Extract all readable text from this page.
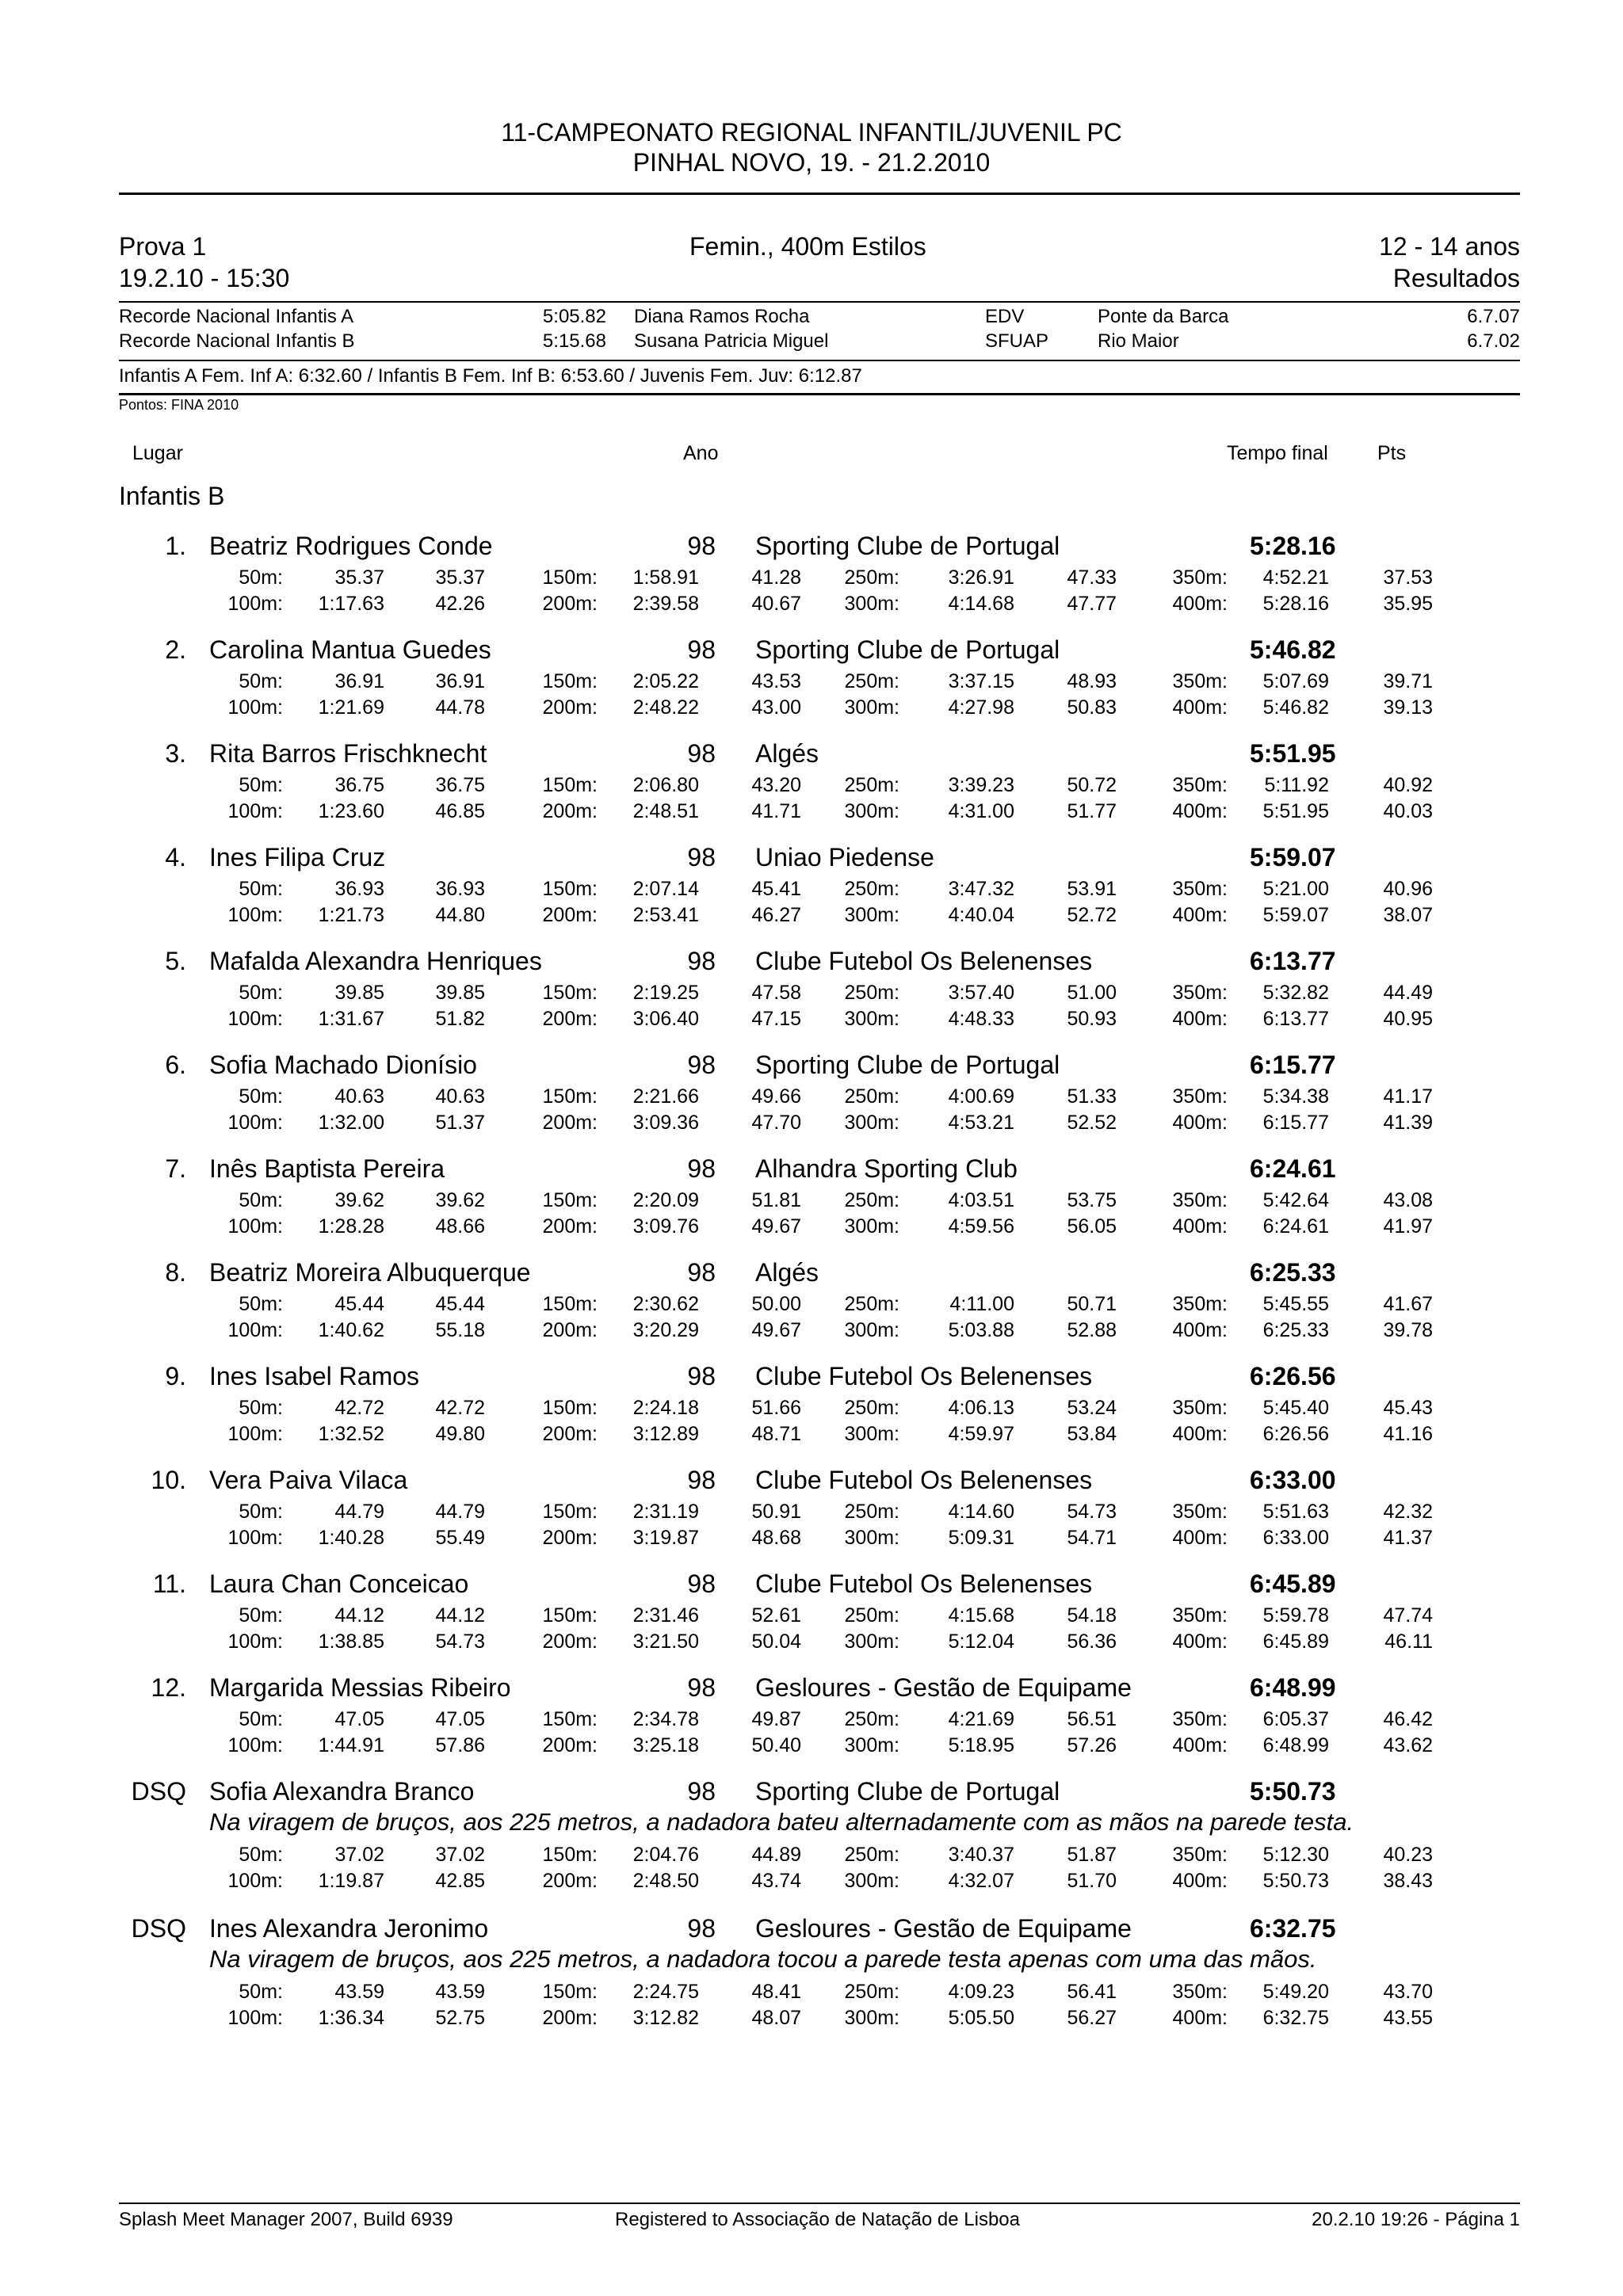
11-CAMPEONATO REGIONAL INFANTIL/JUVENIL PC
PINHAL NOVO, 19. - 21.2.2010
Prova 1
19.2.10 - 15:30
Femin., 400m Estilos	12 - 14 anos
Resultados
Recorde Nacional Infantis A	5:05.82 Diana Ramos Rocha	EDV	Ponte da Barca	6.7.07
Recorde Nacional Infantis B	5:15.68 Susana Patricia Miguel	SFUAP	Rio Maior	6.7.02
Infantis A Fem. Inf A: 6:32.60 / Infantis B Fem. Inf B: 6:53.60 / Juvenis Fem. Juv: 6:12.87
Pontos: FINA 2010
Lugar	Ano	Tempo final Pts
Infantis B
1. Beatriz Rodrigues Conde	98 Sporting Clube de Portugal	5:28.16
50m:	35.37	35.37	150m: 1:58.91	41.28 250m: 3:26.91	47.33	350m: 4:52.21	37.53
100m: 1:17.63	42.26	200m: 2:39.58	40.67 300m: 4:14.68	47.77	400m: 5:28.16	35.95
2. Carolina Mantua Guedes	98 Sporting Clube de Portugal	5:46.82
50m:	36.91	36.91	150m: 2:05.22	43.53 250m: 3:37.15	48.93	350m: 5:07.69	39.71
100m: 1:21.69	44.78	200m: 2:48.22	43.00 300m: 4:27.98	50.83	400m: 5:46.82	39.13
3. Rita Barros Frischknecht	98 Algés	5:51.95
50m:	36.75	36.75	150m: 2:06.80	43.20 250m: 3:39.23	50.72	350m: 5:11.92	40.92
100m: 1:23.60	46.85	200m: 2:48.51	41.71 300m: 4:31.00	51.77	400m: 5:51.95	40.03
4. Ines Filipa Cruz	98 Uniao Piedense	5:59.07
50m:	36.93	36.93	150m: 2:07.14	45.41 250m: 3:47.32	53.91	350m: 5:21.00	40.96
100m: 1:21.73	44.80	200m: 2:53.41	46.27 300m: 4:40.04	52.72	400m: 5:59.07	38.07
5. Mafalda Alexandra Henriques	98 Clube Futebol Os Belenenses	6:13.77
50m:	39.85	39.85	150m: 2:19.25	47.58 250m: 3:57.40	51.00	350m: 5:32.82	44.49
100m: 1:31.67	51.82	200m: 3:06.40	47.15 300m: 4:48.33	50.93	400m: 6:13.77	40.95
6. Sofia Machado Dionísio	98 Sporting Clube de Portugal	6:15.77
50m:	40.63	40.63	150m: 2:21.66	49.66 250m: 4:00.69	51.33	350m: 5:34.38	41.17
100m: 1:32.00	51.37	200m: 3:09.36	47.70 300m: 4:53.21	52.52	400m: 6:15.77	41.39
7. Inês Baptista Pereira	98 Alhandra Sporting Club	6:24.61
50m:	39.62	39.62	150m: 2:20.09	51.81 250m: 4:03.51	53.75	350m: 5:42.64	43.08
100m: 1:28.28	48.66	200m: 3:09.76	49.67 300m: 4:59.56	56.05	400m: 6:24.61	41.97
8. Beatriz Moreira Albuquerque	98 Algés	6:25.33
50m:	45.44	45.44	150m: 2:30.62	50.00 250m:	4:11.00	50.71	350m: 5:45.55	41.67
100m: 1:40.62	55.18	200m: 3:20.29	49.67 300m: 5:03.88	52.88	400m: 6:25.33	39.78
9. Ines Isabel Ramos	98 Clube Futebol Os Belenenses	6:26.56
50m:	42.72	42.72	150m: 2:24.18	51.66 250m: 4:06.13	53.24	350m: 5:45.40	45.43
100m: 1:32.52	49.80	200m: 3:12.89	48.71 300m: 4:59.97	53.84	400m: 6:26.56	41.16
10. Vera Paiva Vilaca	98 Clube Futebol Os Belenenses	6:33.00
50m:	44.79	44.79	150m: 2:31.19	50.91 250m: 4:14.60	54.73	350m: 5:51.63	42.32
100m: 1:40.28	55.49	200m: 3:19.87	48.68 300m: 5:09.31	54.71	400m: 6:33.00	41.37
11. Laura Chan Conceicao	98 Clube Futebol Os Belenenses	6:45.89
50m:	44.12	44.12	150m: 2:31.46	52.61 250m: 4:15.68	54.18	350m: 5:59.78	47.74
100m: 1:38.85	54.73	200m: 3:21.50	50.04 300m: 5:12.04	56.36	400m: 6:45.89	46.11
12. Margarida Messias Ribeiro	98 Gesloures - Gestão de Equipame	6:48.99
50m:	47.05	47.05	150m: 2:34.78	49.87 250m: 4:21.69	56.51	350m: 6:05.37	46.42
100m: 1:44.91	57.86	200m: 3:25.18	50.40 300m: 5:18.95	57.26	400m: 6:48.99	43.62
DSQ Sofia Alexandra Branco	98 Sporting Clube de Portugal	5:50.73
Na viragem de bruços, aos 225 metros, a nadadora bateu alternadamente com as mãos na parede testa.
50m:	37.02	37.02	150m: 2:04.76	44.89 250m: 3:40.37	51.87	350m: 5:12.30	40.23
100m: 1:19.87	42.85	200m: 2:48.50	43.74 300m: 4:32.07	51.70	400m: 5:50.73	38.43
DSQ Ines Alexandra Jeronimo	98 Gesloures - Gestão de Equipame	6:32.75
Na viragem de bruços, aos 225 metros, a nadadora tocou a parede testa apenas com uma das mãos.
50m:	43.59	43.59	150m: 2:24.75	48.41 250m: 4:09.23	56.41	350m: 5:49.20	43.70
100m: 1:36.34	52.75	200m: 3:12.82	48.07 300m: 5:05.50	56.27	400m: 6:32.75	43.55
Splash Meet Manager 2007, Build 6939	Registered to Associação de Natação de Lisboa	20.2.10 19:26 - Página 1
